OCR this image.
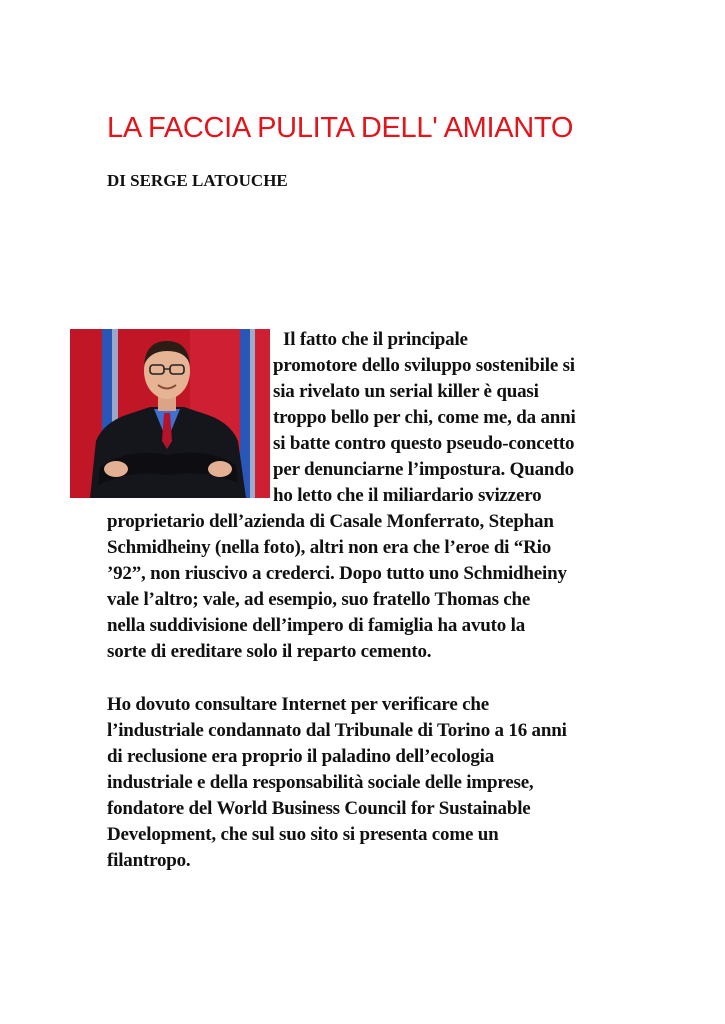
LA FACCIA PULITA DELL' AMIANTO

DI SERGE LATOUCHE

Il fatto che il principale

promotore dello sviluppo sostenibile si

sia rivelato un serial killer è quasi

troppo bello per chi, come me, da anni

si batte contro questo pseudo-concetto

per denunciarne l’impostura. Quando

ho letto che il miliardario svizzero

proprietario dell’azienda di Casale Monferrato, Stephan

Schmidheiny (nella foto), altri non era che l’eroe di “Rio

’92”, non riuscivo a crederci. Dopo tutto uno Schmidheiny

vale l’altro; vale, ad esempio, suo fratello Thomas che

nella suddivisione dell’impero di famiglia ha avuto la

sorte di ereditare solo il reparto cemento.

Ho dovuto consultare Internet per verificare che

l’industriale condannato dal Tribunale di Torino a 16 anni

di reclusione era proprio il paladino dell’ecologia

industriale e della responsabilità sociale delle imprese,

fondatore del World Business Council for Sustainable

Development, che sul suo sito si presenta come un

filantropo.
